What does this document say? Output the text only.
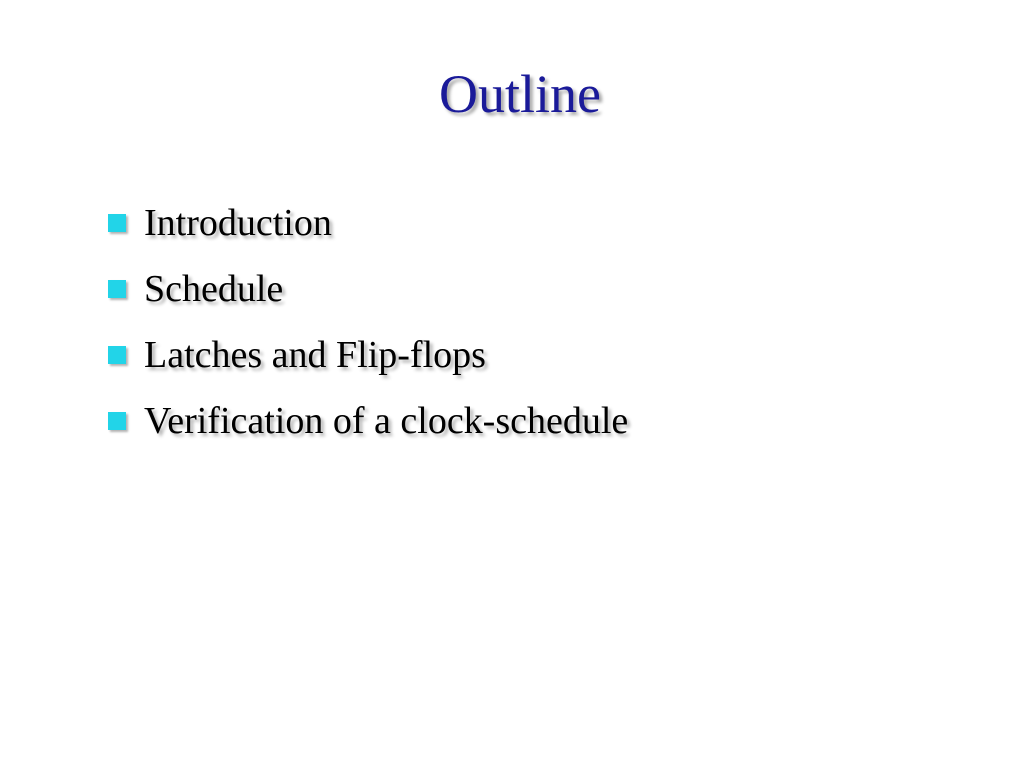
Outline
Introduction
Schedule
Latches and Flip-flops
Verification of a clock-schedule
